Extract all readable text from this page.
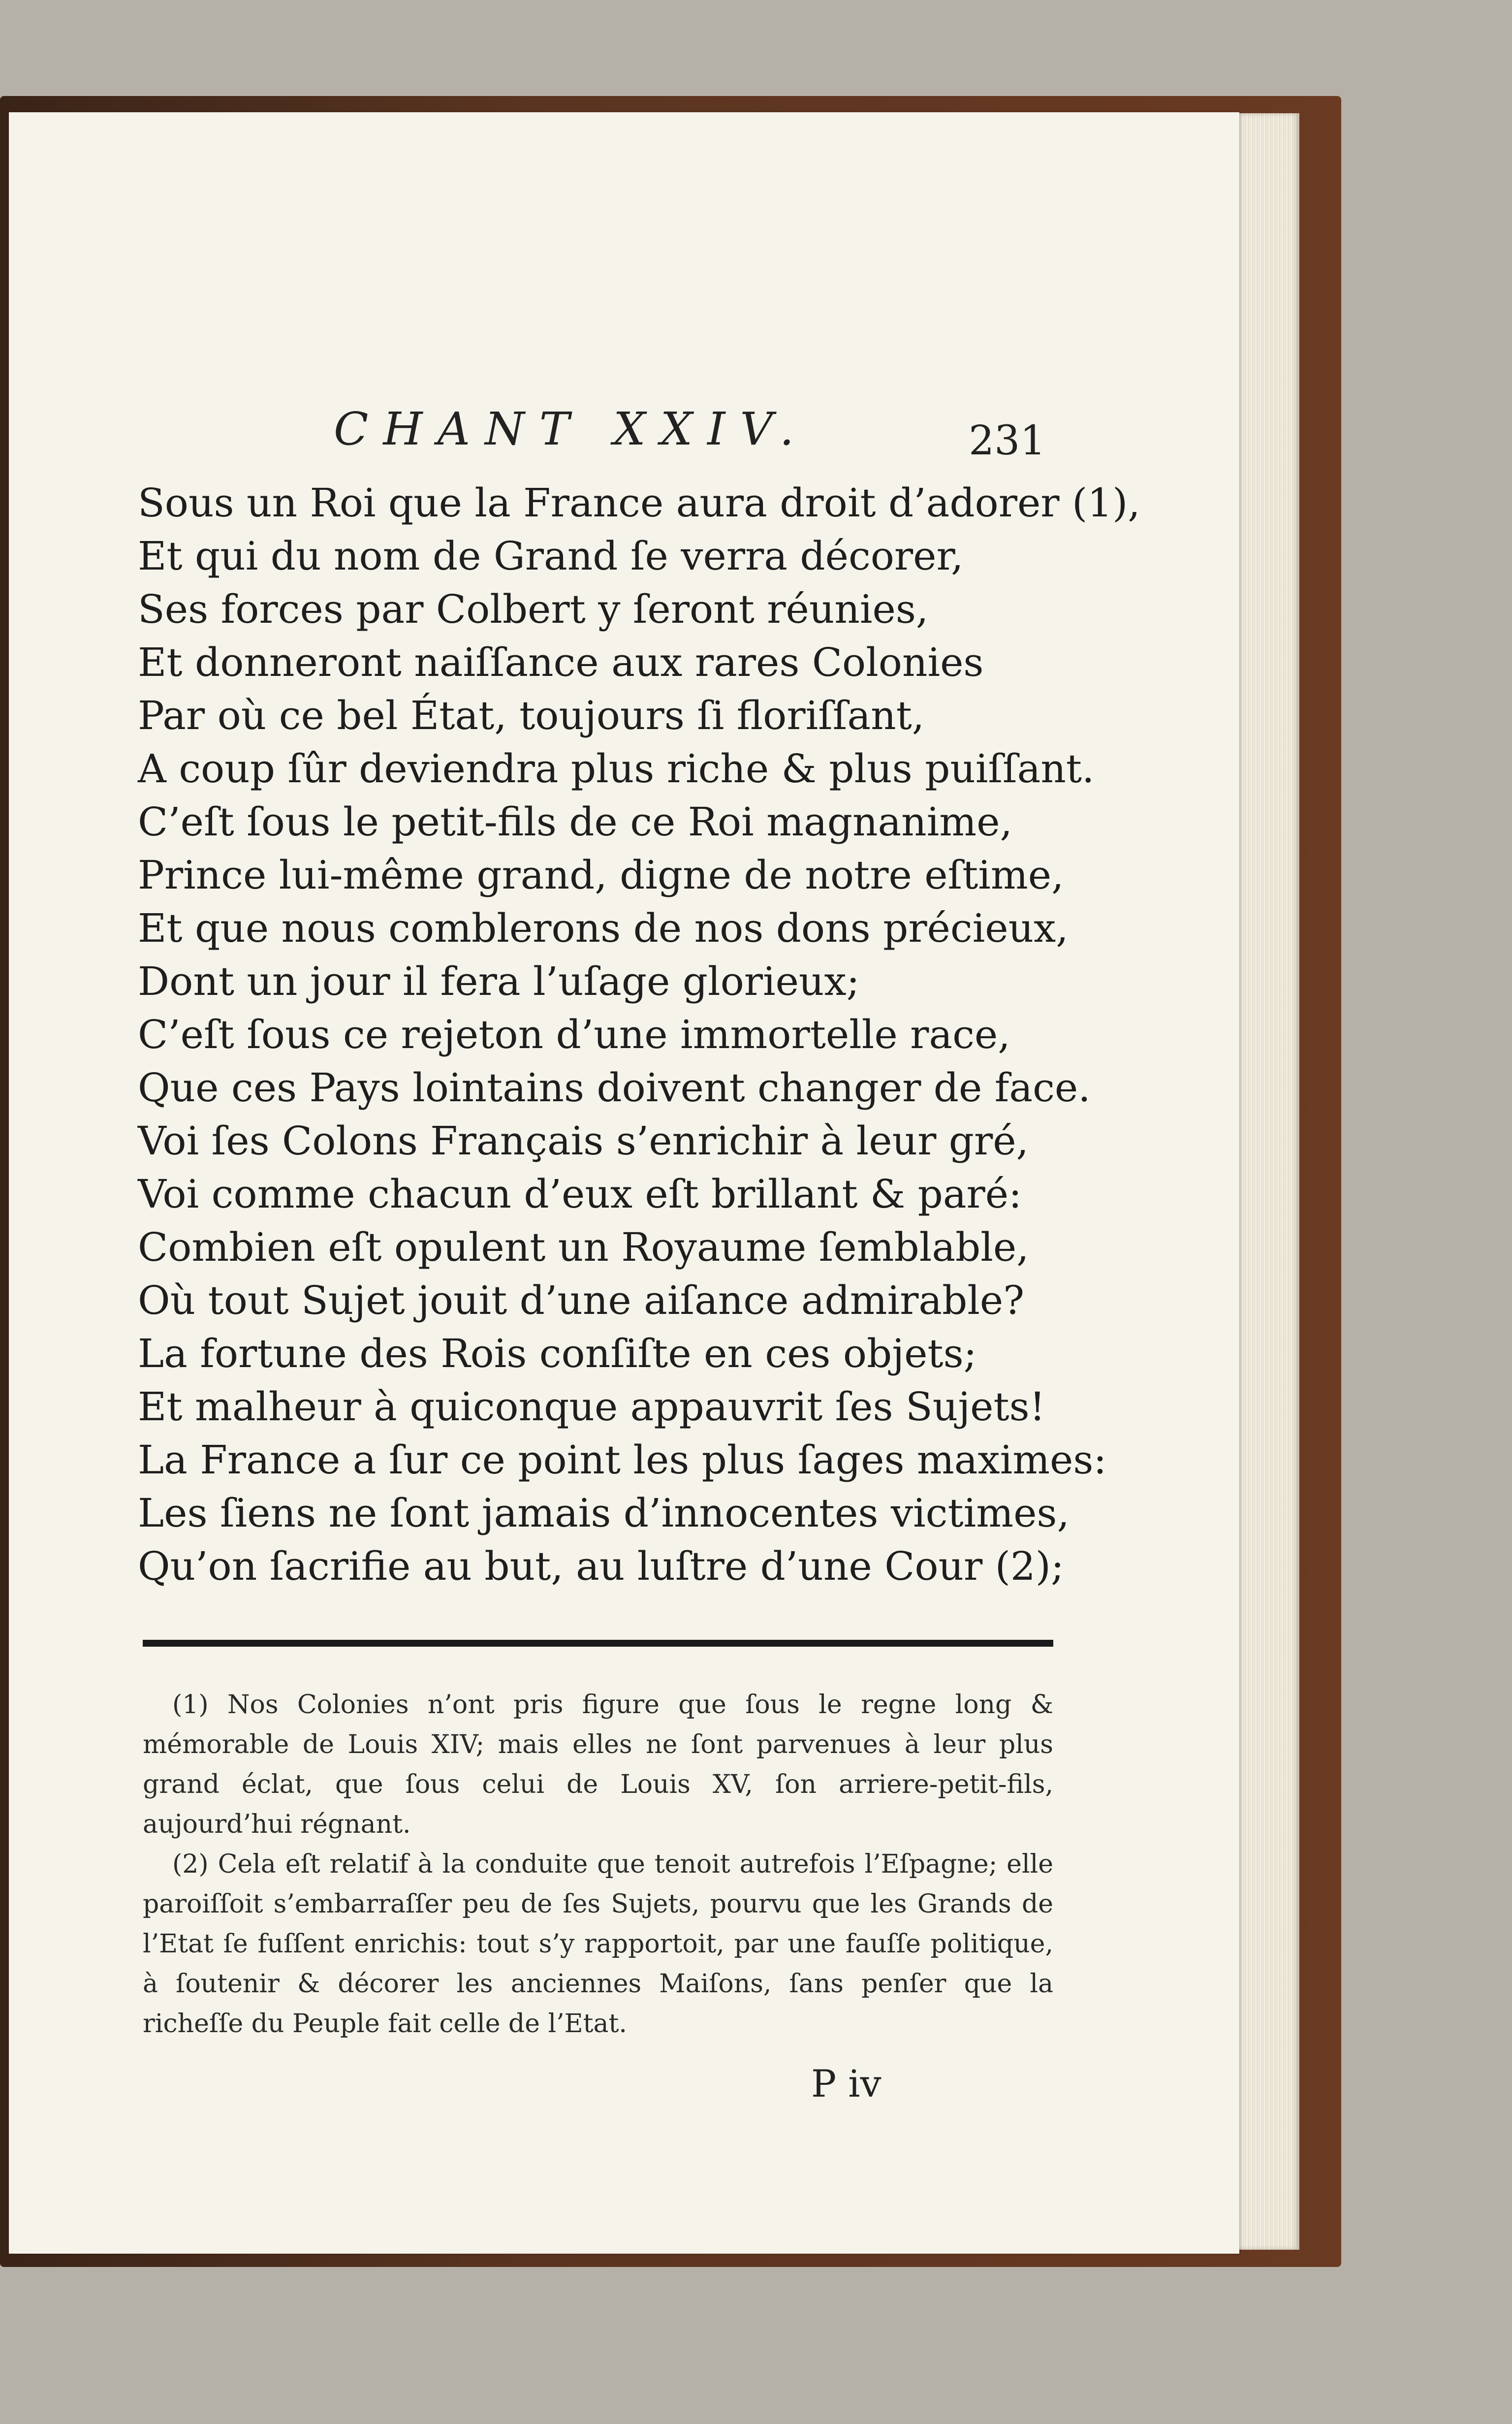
CHANT XXIV.	231
Sous un Roi que la France aura droit d’adorer (1),
Et qui du nom de Grand ſe verra décorer,
Ses forces par Colbert y ſeront réunies,
Et donneront naiſſance aux rares Colonies
Par où ce bel État, toujours ſi floriſſant,
A coup ſûr deviendra plus riche & plus puiſſant.
C’eſt ſous le petit-fils de ce Roi magnanime,
Prince lui-même grand, digne de notre eſtime,
Et que nous comblerons de nos dons précieux,
Dont un jour il fera l’uſage glorieux;
C’eſt ſous ce rejeton d’une immortelle race,
Que ces Pays lointains doivent changer de face.
Voi ſes Colons Français s’enrichir à leur gré,
Voi comme chacun d’eux eſt brillant & paré:
Combien eſt opulent un Royaume ſemblable,
Où tout Sujet jouit d’une aiſance admirable?
La fortune des Rois conſiſte en ces objets;
Et malheur à quiconque appauvrit ſes Sujets!
La France a ſur ce point les plus ſages maximes:
Les ſiens ne ſont jamais d’innocentes victimes,
Qu’on ſacrifie au but, au luſtre d’une Cour (2);

(1) Nos Colonies n’ont pris figure que ſous le regne long & mémorable de Louis XIV; mais elles ne ſont parvenues à leur plus grand éclat, que ſous celui de Louis XV, ſon arriere-petit-fils, aujourd’hui régnant.

(2) Cela eſt relatif à la conduite que tenoit autrefois l’Eſpagne; elle paroiſſoit s’embarraſſer peu de ſes Sujets, pourvu que les Grands de l’Etat ſe fuſſent enrichis: tout s’y rapportoit, par une fauſſe politique, à ſoutenir & décorer les anciennes Maiſons, ſans penſer que la richeſſe du Peuple fait celle de l’Etat.

P iv
